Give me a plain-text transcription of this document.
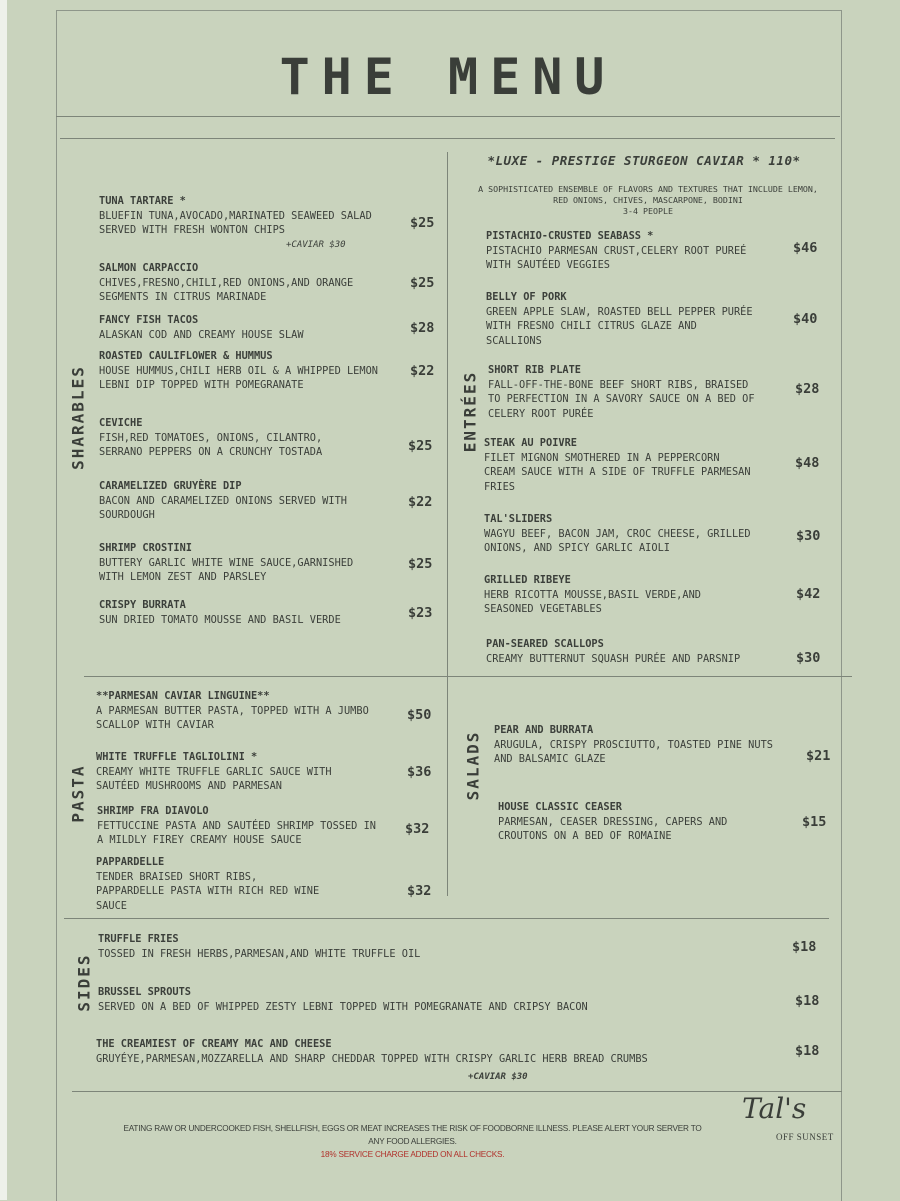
THE MENU
SHARABLES	ENTRÉES
PASTA	SALADS
SIDES
*LUXE - PRESTIGE STURGEON CAVIAR * 110*
A SOPHISTICATED ENSEMBLE OF FLAVORS AND TEXTURES THAT INCLUDE LEMON,
RED ONIONS, CHIVES, MASCARPONE, BODINI
3-4 PEOPLE
TUNA TARTARE *
BLUEFIN TUNA,AVOCADO,MARINATED SEAWEED SALAD
SERVED WITH FRESH WONTON CHIPS	$25
+CAVIAR $30
SALMON CARPACCIO
CHIVES,FRESNO,CHILI,RED ONIONS,AND ORANGE
SEGMENTS IN CITRUS MARINADE
$25
FANCY FISH TACOS
ALASKAN COD AND CREAMY HOUSE SLAW	$28
ROASTED CAULIFLOWER & HUMMUS
HOUSE HUMMUS,CHILI HERB OIL & A WHIPPED LEMON
LEBNI DIP TOPPED WITH POMEGRANATE
$22
CEVICHE
FISH,RED TOMATOES, ONIONS, CILANTRO,
SERRANO PEPPERS ON A CRUNCHY TOSTADA	$25
CARAMELIZED GRUYÈRE DIP
BACON AND CARAMELIZED ONIONS SERVED WITH
SOURDOUGH
$22
SHRIMP CROSTINI
BUTTERY GARLIC WHITE WINE SAUCE,GARNISHED
WITH LEMON ZEST AND PARSLEY
$25
CRISPY BURRATA
SUN DRIED TOMATO MOUSSE AND BASIL VERDE	$23
PISTACHIO-CRUSTED SEABASS *
PISTACHIO PARMESAN CRUST,CELERY ROOT PUREÉ
WITH SAUTÉED VEGGIES
$46
BELLY OF PORK
GREEN APPLE SLAW, ROASTED BELL PEPPER PURÉE
WITH FRESNO CHILI CITRUS GLAZE AND
SCALLIONS
$40
SHORT RIB PLATE
FALL-OFF-THE-BONE BEEF SHORT RIBS, BRAISED
TO PERFECTION IN A SAVORY SAUCE ON A BED OF
CELERY ROOT PURÉE
$28
STEAK AU POIVRE
FILET MIGNON SMOTHERED IN A PEPPERCORN
CREAM SAUCE WITH A SIDE OF TRUFFLE PARMESAN
FRIES
$48
TAL'SLIDERS
WAGYU BEEF, BACON JAM, CROC CHEESE, GRILLED
ONIONS, AND SPICY GARLIC AIOLI
$30
GRILLED RIBEYE
HERB RICOTTA MOUSSE,BASIL VERDE,AND
SEASONED VEGETABLES
$42
PAN-SEARED SCALLOPS
CREAMY BUTTERNUT SQUASH PURÉE AND PARSNIP	$30
**PARMESAN CAVIAR LINGUINE**
A PARMESAN BUTTER PASTA, TOPPED WITH A JUMBO
SCALLOP WITH CAVIAR
$50
WHITE TRUFFLE TAGLIOLINI *
CREAMY WHITE TRUFFLE GARLIC SAUCE WITH
SAUTÉED MUSHROOMS AND PARMESAN
$36
SHRIMP FRA DIAVOLO
FETTUCCINE PASTA AND SAUTÉED SHRIMP TOSSED IN
A MILDLY FIREY CREAMY HOUSE SAUCE
$32
PAPPARDELLE
TENDER BRAISED SHORT RIBS,
PAPPARDELLE PASTA WITH RICH RED WINE
SAUCE
$32
PEAR AND BURRATA
ARUGULA, CRISPY PROSCIUTTO, TOASTED PINE NUTS
AND BALSAMIC GLAZE	$21
HOUSE CLASSIC CEASER
PARMESAN, CEASER DRESSING, CAPERS AND
CROUTONS ON A BED OF ROMAINE
$15
TRUFFLE FRIES
TOSSED IN FRESH HERBS,PARMESAN,AND WHITE TRUFFLE OIL	$18
BRUSSEL SPROUTS
SERVED ON A BED OF WHIPPED ZESTY LEBNI TOPPED WITH POMEGRANATE AND CRIPSY BACON	$18
THE CREAMIEST OF CREAMY MAC AND CHEESE
GRUYÉYE,PARMESAN,MOZZARELLA AND SHARP CHEDDAR TOPPED WITH CRISPY GARLIC HERB BREAD CRUMBS	$18
+CAVIAR $30
EATING RAW OR UNDERCOOKED FISH, SHELLFISH, EGGS OR MEAT INCREASES THE RISK OF FOODBORNE ILLNESS. PLEASE ALERT YOUR SERVER TO ANY FOOD ALLERGIES.
18% SERVICE CHARGE ADDED ON ALL CHECKS.
Tal's
OFF SUNSET
